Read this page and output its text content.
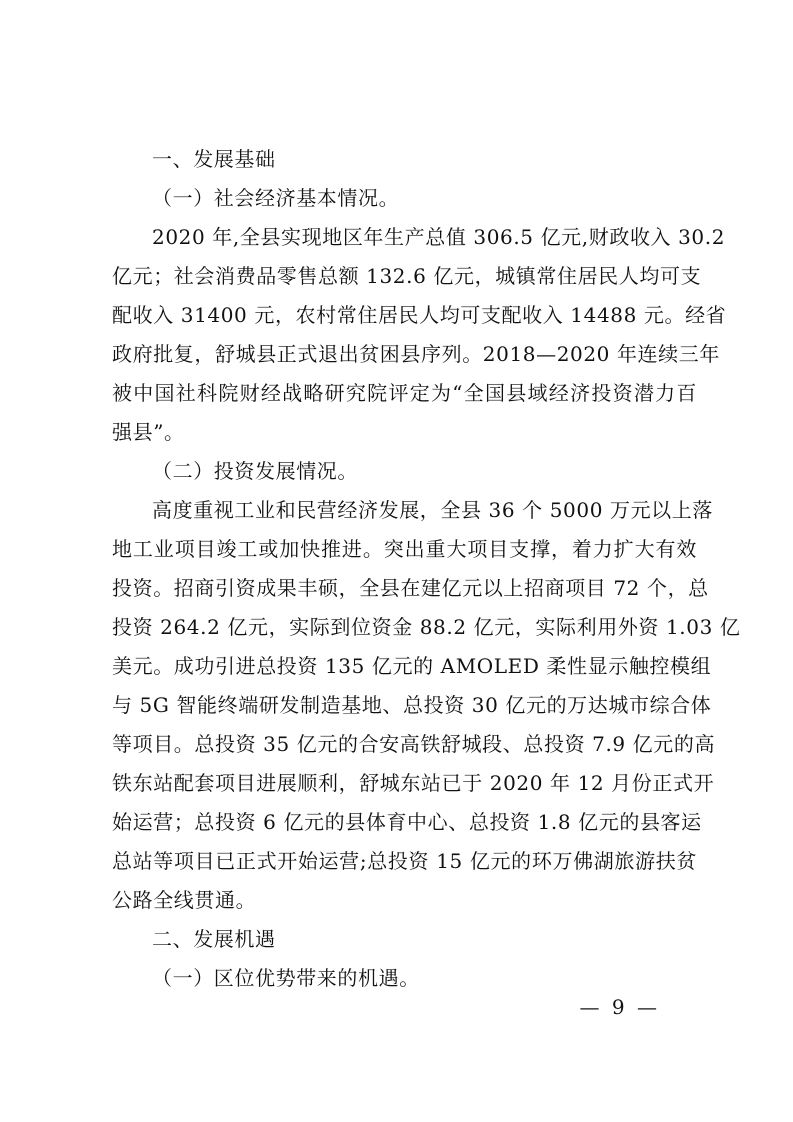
一、发展基础
（一）社会经济基本情况。
2020 年,全县实现地区年生产总值 306.5 亿元,财政收入 30.2
亿元；社会消费品零售总额 132.6 亿元，城镇常住居民人均可支
配收入 31400 元，农村常住居民人均可支配收入 14488 元。经省
政府批复，舒城县正式退出贫困县序列。2018—2020 年连续三年
被中国社科院财经战略研究院评定为“全国县域经济投资潜力百
强县”。
（二）投资发展情况。
高度重视工业和民营经济发展，全县 36 个 5000 万元以上落
地工业项目竣工或加快推进。突出重大项目支撑，着力扩大有效
投资。招商引资成果丰硕，全县在建亿元以上招商项目 72 个，总
投资 264.2 亿元，实际到位资金 88.2 亿元，实际利用外资 1.03 亿
美元。成功引进总投资 135 亿元的 AMOLED 柔性显示触控模组
与 5G 智能终端研发制造基地、总投资 30 亿元的万达城市综合体
等项目。总投资 35 亿元的合安高铁舒城段、总投资 7.9 亿元的高
铁东站配套项目进展顺利，舒城东站已于 2020 年 12 月份正式开
始运营；总投资 6 亿元的县体育中心、总投资 1.8 亿元的县客运
总站等项目已正式开始运营;总投资 15 亿元的环万佛湖旅游扶贫
公路全线贯通。
二、发展机遇
（一）区位优势带来的机遇。
— 9 —
